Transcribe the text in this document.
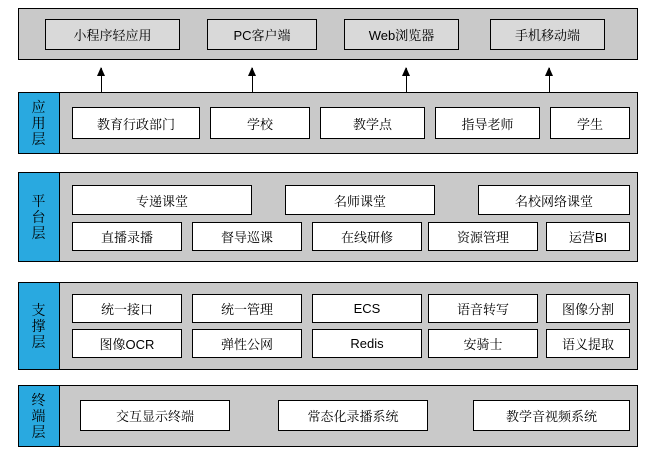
小程序轻应用	PC客户端	Web浏览器	手机移动端
应
用
层
教育行政部门	学校	教学点	指导老师	学生
平
台
层
专递课堂	名师课堂	名校网络课堂
直播录播	督导巡课	在线研修	资源管理	运营BI
支
撑
层
统一接口	统一管理	ECS	语音转写	图像分割
图像OCR	弹性公网	Redis	安骑士	语义提取
终
端
层
交互显示终端	常态化录播系统	教学音视频系统
